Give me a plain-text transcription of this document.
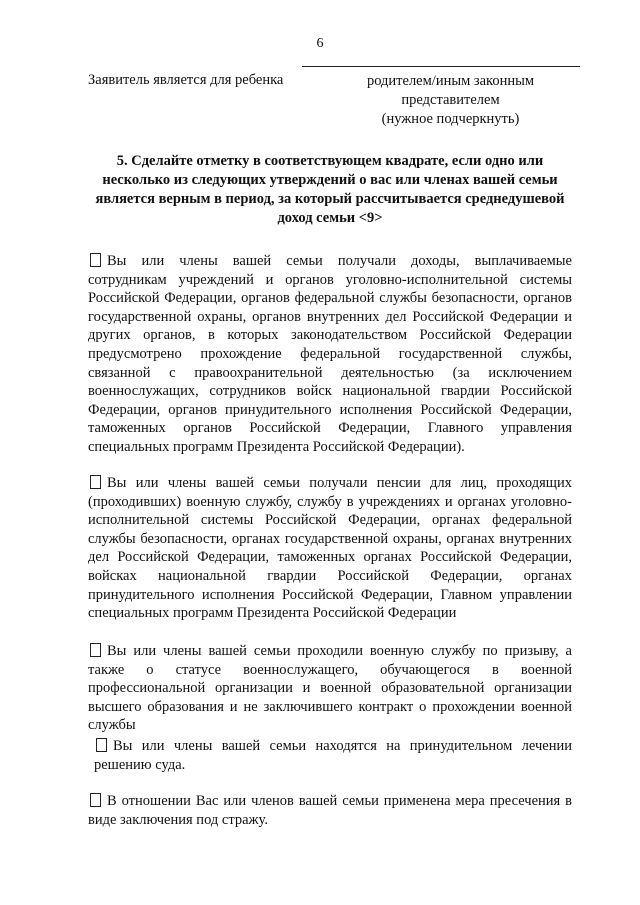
6
Заявитель является для ребенка	родителем/иным законным
представителем
(нужное подчеркнуть)
5. Сделайте отметку в соответствующем квадрате, если одно или несколько из следующих утверждений о вас или членах вашей семьи является верным в период, за который рассчитывается среднедушевой доход семьи <9>
Вы или члены вашей семьи получали доходы, выплачиваемые сотрудникам учреждений и органов уголовно-исполнительной системы Российской Федерации, органов федеральной службы безопасности, органов государственной охраны, органов внутренних дел Российской Федерации и других органов, в которых законодательством Российской Федерации предусмотрено прохождение федеральной государственной службы, связанной с правоохранительной деятельностью (за исключением военнослужащих, сотрудников войск национальной гвардии Российской Федерации, органов принудительного исполнения Российской Федерации, таможенных органов Российской Федерации, Главного управления специальных программ Президента Российской Федерации).
Вы или члены вашей семьи получали пенсии для лиц, проходящих (проходивших) военную службу, службу в учреждениях и органах уголовно-исполнительной системы Российской Федерации, органах федеральной службы безопасности, органах государственной охраны, органах внутренних дел Российской Федерации, таможенных органах Российской Федерации, войсках национальной гвардии Российской Федерации, органах принудительного исполнения Российской Федерации, Главном управлении специальных программ Президента Российской Федерации
Вы или члены вашей семьи проходили военную службу по призыву, а также о статусе военнослужащего, обучающегося в военной профессиональной организации и военной образовательной организации высшего образования и не заключившего контракт о прохождении военной службы
Вы или члены вашей семьи находятся на принудительном лечении решению суда.
В отношении Вас или членов вашей семьи применена мера пресечения в виде заключения под стражу.
